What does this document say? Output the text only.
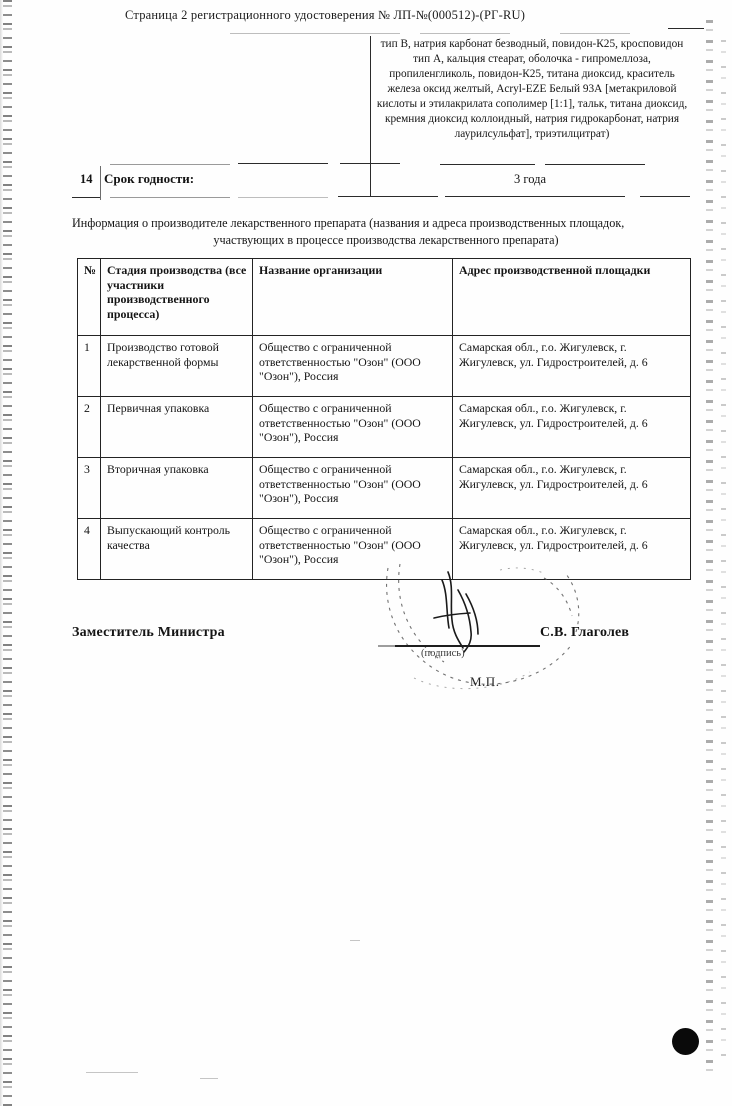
Страница 2 регистрационного удостоверения № ЛП-№(000512)-(РГ-RU)
тип В, натрия карбонат безводный, повидон-К25, кросповидон тип А, кальция стеарат, оболочка - гипромеллоза, пропиленгликоль, повидон-К25, титана диоксид, краситель железа оксид желтый, Acryl-EZE Белый 93А [метакриловой кислоты и этилакрилата сополимер [1:1], тальк, титана диоксид, кремния диоксид коллоидный, натрия гидрокарбонат, натрия лаурилсульфат], триэтилцитрат)
14 Срок годности:	3 года
Информация о производителе лекарственного препарата (названия и адреса производственных площадок,
участвующих в процессе производства лекарственного препарата)
№	Стадия производства (все участники производственного процесса)	Название организации	Адрес производственной площадки
1	Производство готовой лекарственной формы	Общество с ограниченной ответственностью "Озон" (ООО "Озон"), Россия	Самарская обл., г.о. Жигулевск, г. Жигулевск, ул. Гидростроителей, д. 6
2	Первичная упаковка	Общество с ограниченной ответственностью "Озон" (ООО "Озон"), Россия	Самарская обл., г.о. Жигулевск, г. Жигулевск, ул. Гидростроителей, д. 6
3	Вторичная упаковка	Общество с ограниченной ответственностью "Озон" (ООО "Озон"), Россия	Самарская обл., г.о. Жигулевск, г. Жигулевск, ул. Гидростроителей, д. 6
4	Выпускающий контроль качества	Общество с ограниченной ответственностью "Озон" (ООО "Озон"), Россия	Самарская обл., г.о. Жигулевск, г. Жигулевск, ул. Гидростроителей, д. 6
Заместитель Министра
(подпись)
С.В. Глаголев
М.П.
